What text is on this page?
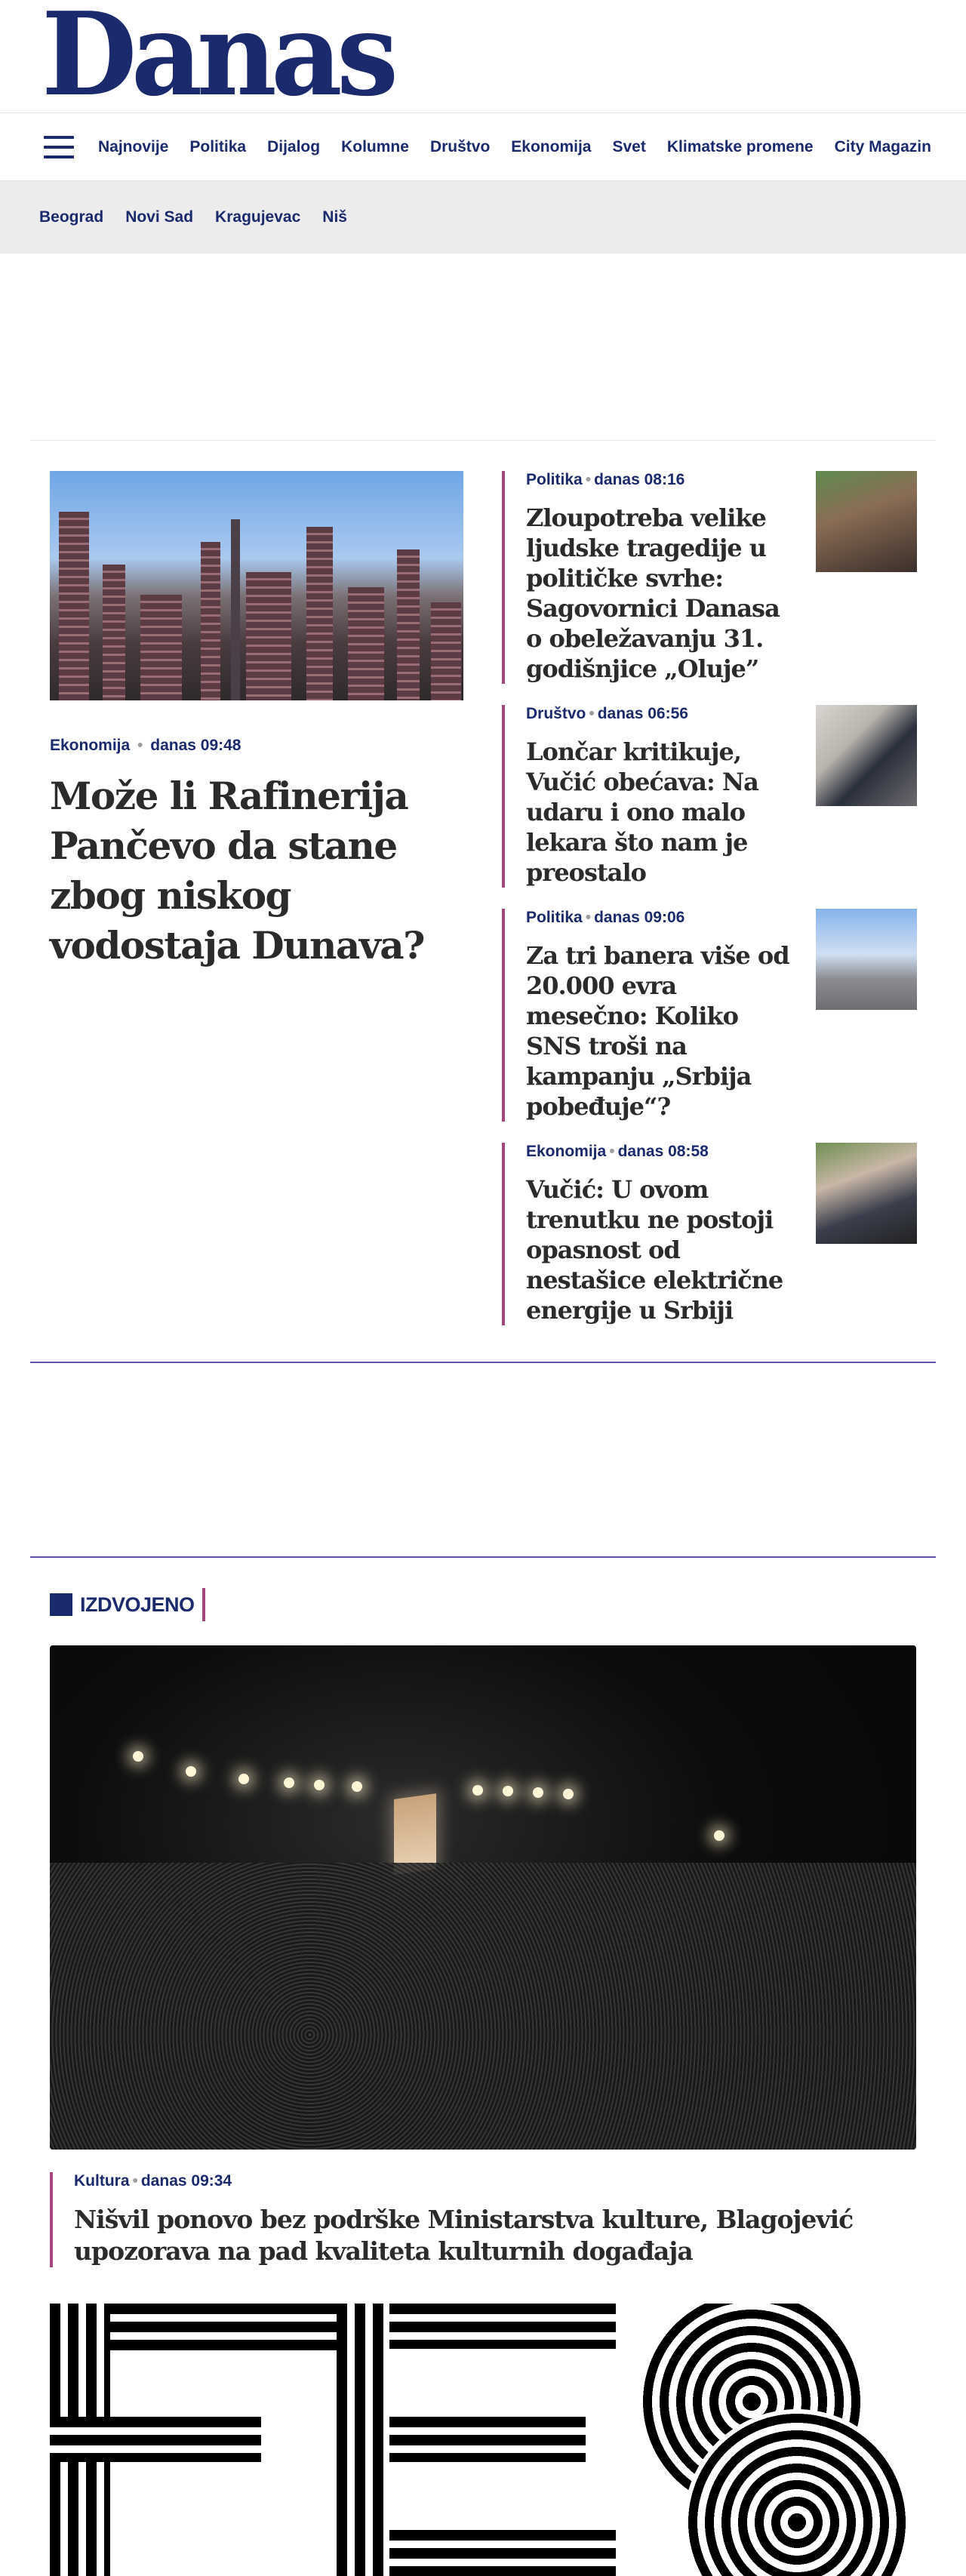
Danas
Najnovije Politika Dijalog Kolumne Društvo Ekonomija Svet Klimatske promene City Magazin
Beograd Novi Sad Kragujevac Niš
Ekonomija • danas 09:48
Može li Rafinerija Pančevo da stane zbog niskog vodostaja Dunava?
Politika • danas 08:16
Zloupotreba velike ljudske tragedije u političke svrhe: Sagovornici Danasa o obeležavanju 31. godišnjice „Oluje”
Društvo • danas 06:56
Lončar kritikuje, Vučić obećava: Na udaru i ono malo lekara što nam je preostalo
Politika • danas 09:06
Za tri banera više od 20.000 evra mesečno: Koliko SNS troši na kampanju „Srbija pobeđuje“?
Ekonomija • danas 08:58
Vučić: U ovom trenutku ne postoji opasnost od nestašice električne energije u Srbiji
IZDVOJENO
Kultura • danas 09:34
Nišvil ponovo bez podrške Ministarstva kulture, Blagojević upozorava na pad kvaliteta kulturnih događaja
